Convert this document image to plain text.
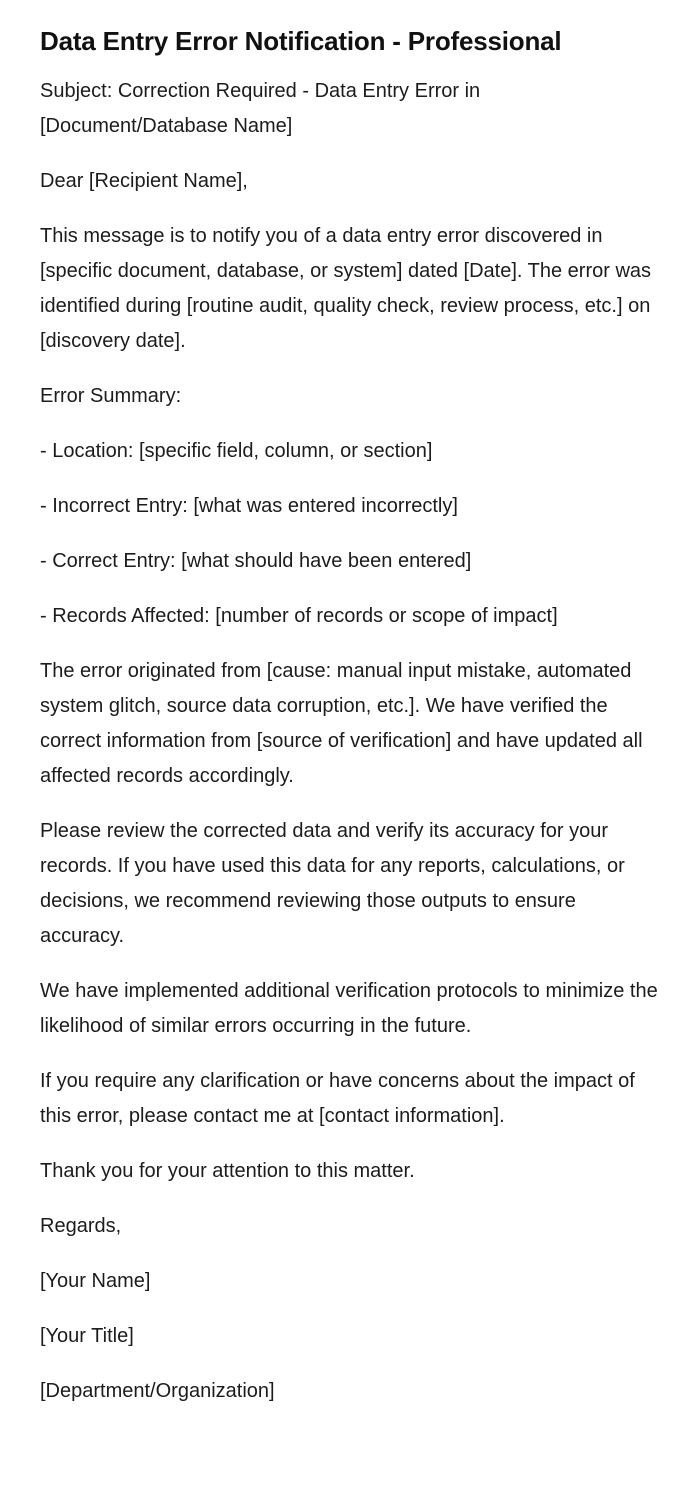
Data Entry Error Notification - Professional

Subject: Correction Required - Data Entry Error in [Document/Database Name]

Dear [Recipient Name],

This message is to notify you of a data entry error discovered in [specific document, database, or system] dated [Date]. The error was identified during [routine audit, quality check, review process, etc.] on [discovery date].

Error Summary:

- Location: [specific field, column, or section]

- Incorrect Entry: [what was entered incorrectly]

- Correct Entry: [what should have been entered]

- Records Affected: [number of records or scope of impact]

The error originated from [cause: manual input mistake, automated system glitch, source data corruption, etc.]. We have verified the correct information from [source of verification] and have updated all affected records accordingly.

Please review the corrected data and verify its accuracy for your records. If you have used this data for any reports, calculations, or decisions, we recommend reviewing those outputs to ensure accuracy.

We have implemented additional verification protocols to minimize the likelihood of similar errors occurring in the future.

If you require any clarification or have concerns about the impact of this error, please contact me at [contact information].

Thank you for your attention to this matter.

Regards,

[Your Name]

[Your Title]

[Department/Organization]
